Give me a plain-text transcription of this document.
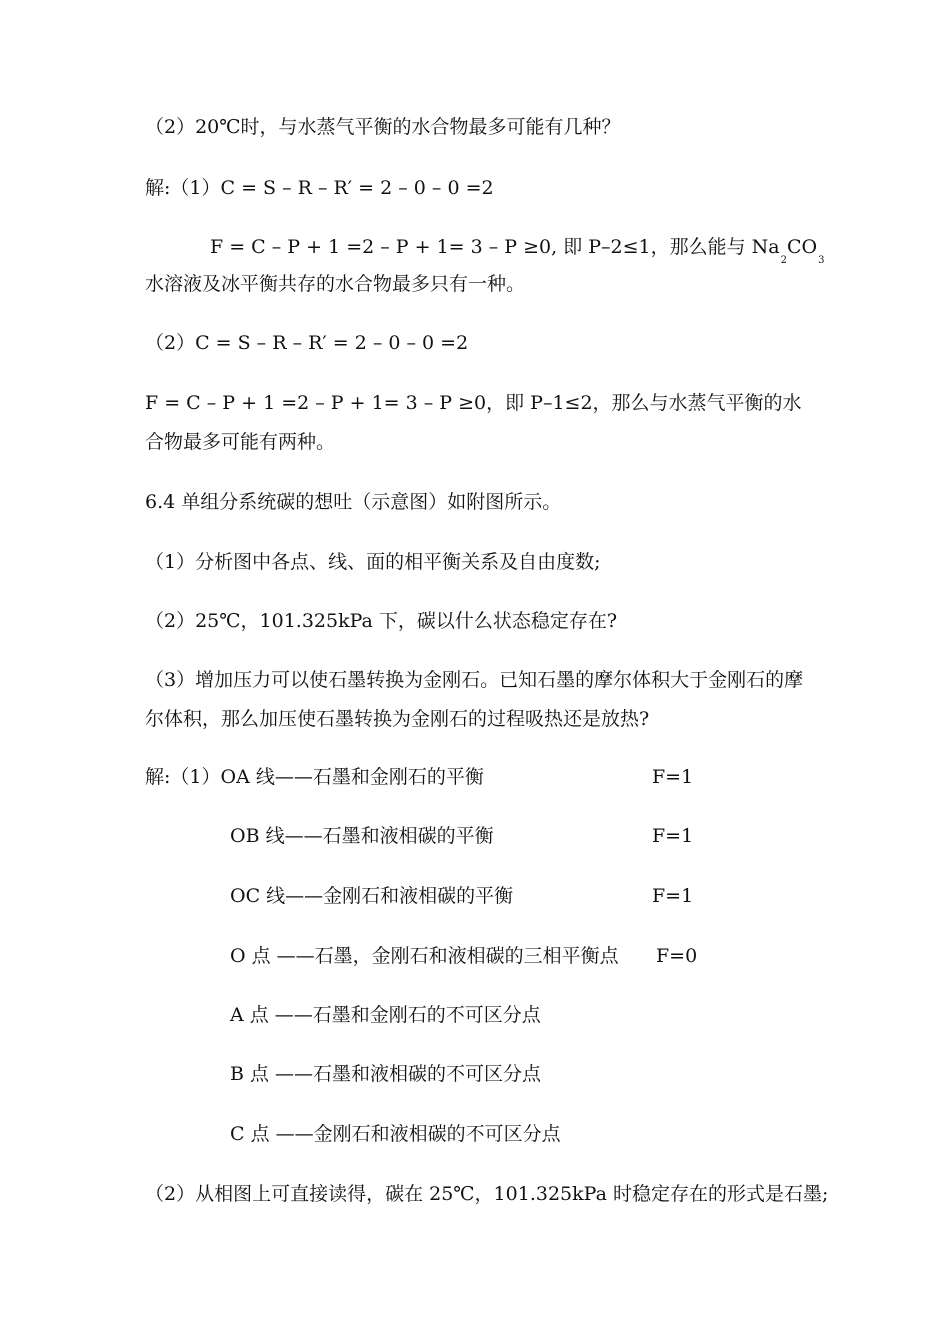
（2）20℃时，与水蒸气平衡的水合物最多可能有几种？
解:（1）C = S – R – R′ = 2 – 0 – 0 =2
F = C – P + 1 =2 – P + 1= 3 – P ≥0, 即 P–2≤1，那么能与 $Na_2CO_3$
水溶液及冰平衡共存的水合物最多只有一种。
（2）C = S – R – R′ = 2 – 0 – 0 =2
F = C – P + 1 =2 – P + 1= 3 – P ≥0，即 P–1≤2，那么与水蒸气平衡的水
合物最多可能有两种。
6.4 单组分系统碳的想吐（示意图）如附图所示。
（1）分析图中各点、线、面的相平衡关系及自由度数;
（2）25℃，101.325kPa 下，碳以什么状态稳定存在?
（3）增加压力可以使石墨转换为金刚石。已知石墨的摩尔体积大于金刚石的摩
尔体积，那么加压使石墨转换为金刚石的过程吸热还是放热?
解:（1）OA 线——石墨和金刚石的平衡	F=1
OB 线——石墨和液相碳的平衡	F=1
OC 线——金刚石和液相碳的平衡	F=1
O 点 ——石墨，金刚石和液相碳的三相平衡点 F=0
A 点 ——石墨和金刚石的不可区分点
B 点 ——石墨和液相碳的不可区分点
C 点 ——金刚石和液相碳的不可区分点
（2）从相图上可直接读得，碳在 25℃，101.325kPa 时稳定存在的形式是石墨;
